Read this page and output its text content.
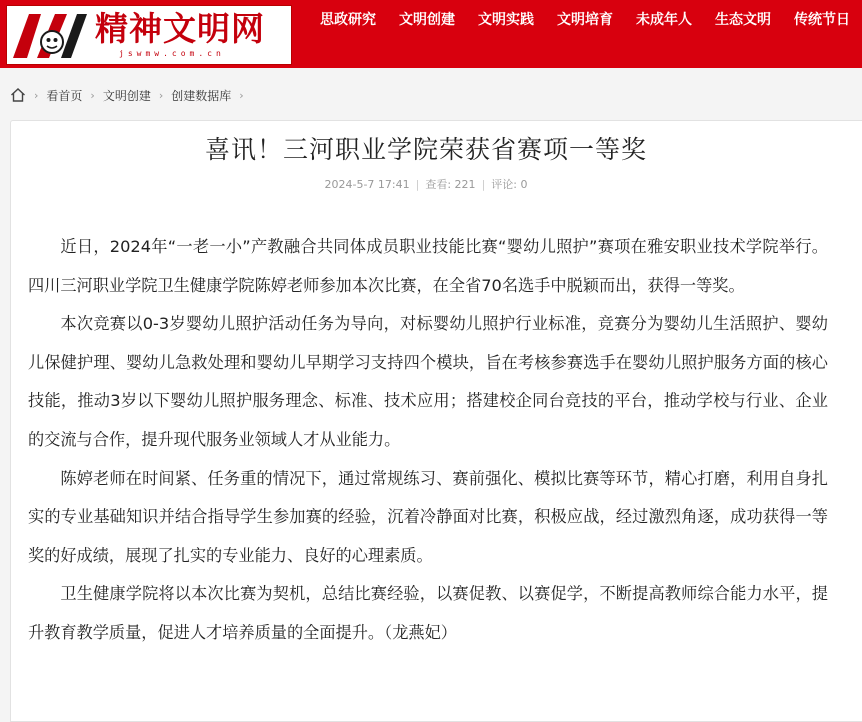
精神文明网
jswmw.com.cn
思政研究 文明创建 文明实践 文明培育 未成年人 生态文明 传统节日
› 看首页 › 文明创建 › 创建数据库 ›
喜讯！三河职业学院荣获省赛项一等奖
2024-5-7 17:41 | 查看: 221 | 评论: 0

近日，2024年“一老一小”产教融合共同体成员职业技能比赛“婴幼儿照护”赛项在雅安职业技术学院举行。四川三河职业学院卫生健康学院陈婷老师参加本次比赛，在全省70名选手中脱颖而出，获得一等奖。

本次竞赛以0-3岁婴幼儿照护活动任务为导向，对标婴幼儿照护行业标准，竞赛分为婴幼儿生活照护、婴幼儿保健护理、婴幼儿急救处理和婴幼儿早期学习支持四个模块，旨在考核参赛选手在婴幼儿照护服务方面的核心技能，推动3岁以下婴幼儿照护服务理念、标准、技术应用；搭建校企同台竞技的平台，推动学校与行业、企业的交流与合作，提升现代服务业领域人才从业能力。

陈婷老师在时间紧、任务重的情况下，通过常规练习、赛前强化、模拟比赛等环节，精心打磨，利用自身扎实的专业基础知识并结合指导学生参加赛的经验，沉着冷静面对比赛，积极应战，经过激烈角逐，成功获得一等奖的好成绩，展现了扎实的专业能力、良好的心理素质。

卫生健康学院将以本次比赛为契机，总结比赛经验，以赛促教、以赛促学，不断提高教师综合能力水平，提升教育教学质量，促进人才培养质量的全面提升。（龙燕妃）
